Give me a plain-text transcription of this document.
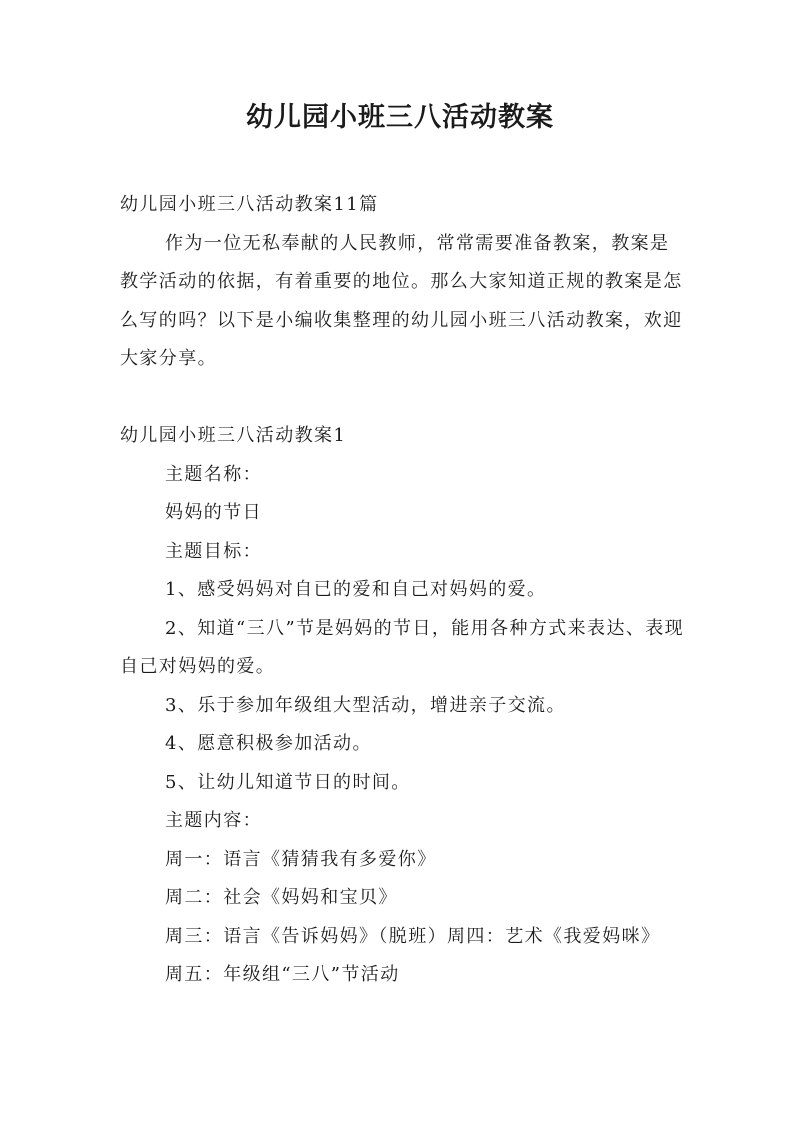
幼儿园小班三八活动教案

幼儿园小班三八活动教案11篇

作为一位无私奉献的人民教师，常常需要准备教案，教案是教学活动的依据，有着重要的地位。那么大家知道正规的教案是怎么写的吗？以下是小编收集整理的幼儿园小班三八活动教案，欢迎大家分享。

幼儿园小班三八活动教案1

主题名称：

妈妈的节日

主题目标：

1、感受妈妈对自已的爱和自己对妈妈的爱。

2、知道“三八”节是妈妈的节日，能用各种方式来表达、表现自己对妈妈的爱。

3、乐于参加年级组大型活动，增进亲子交流。

4、愿意积极参加活动。

5、让幼儿知道节日的时间。

主题内容：

周一：语言《猜猜我有多爱你》

周二：社会《妈妈和宝贝》

周三：语言《告诉妈妈》（脱班）周四：艺术《我爱妈咪》

周五：年级组“三八”节活动
